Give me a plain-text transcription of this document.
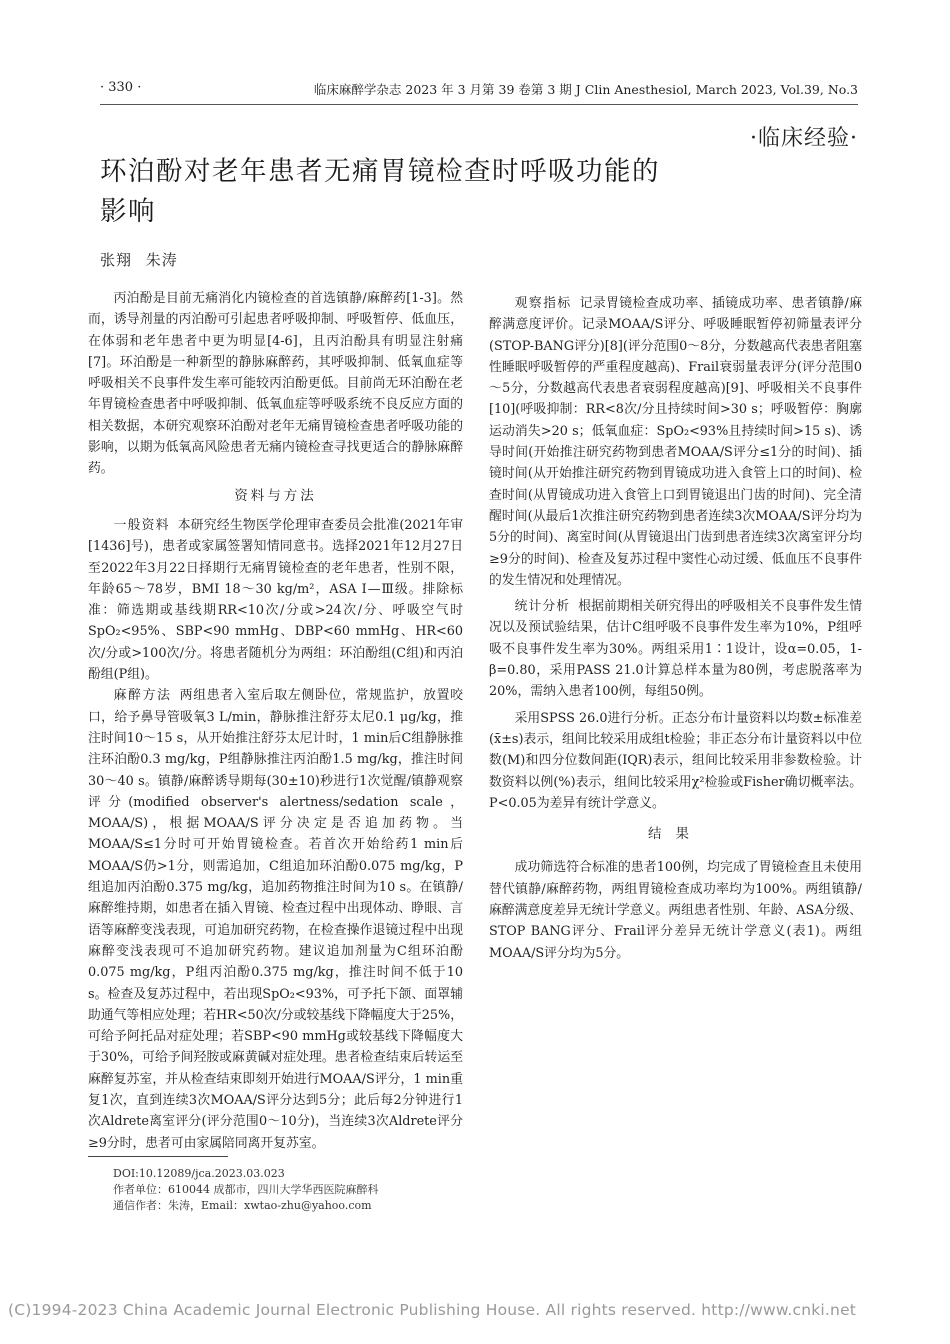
· 330 ·	临床麻醉学杂志 2023 年 3 月第 39 卷第 3 期 J Clin Anesthesiol, March 2023, Vol.39, No.3
·临床经验·
环泊酚对老年患者无痛胃镜检查时呼吸功能的
影响
张翔 朱涛

丙泊酚是目前无痛消化内镜检查的首选镇静/麻醉药[1-3]。然而，诱导剂量的丙泊酚可引起患者呼吸抑制、呼吸暂停、低血压，在体弱和老年患者中更为明显[4-6]，且丙泊酚具有明显注射痛[7]。环泊酚是一种新型的静脉麻醉药，其呼吸抑制、低氧血症等呼吸相关不良事件发生率可能较丙泊酚更低。目前尚无环泊酚在老年胃镜检查患者中呼吸抑制、低氧血症等呼吸系统不良反应方面的相关数据，本研究观察环泊酚对老年无痛胃镜检查患者呼吸功能的影响，以期为低氧高风险患者无痛内镜检查寻找更适合的静脉麻醉药。

资料与方法

一般资料 本研究经生物医学伦理审查委员会批准(2021年审[1436]号)，患者或家属签署知情同意书。选择2021年12月27日至2022年3月22日择期行无痛胃镜检查的老年患者，性别不限，年龄65～78岁，BMI 18～30 kg/m²，ASA Ⅰ—Ⅲ级。排除标准：筛选期或基线期RR<10次/分或>24次/分、呼吸空气时SpO₂<95%、SBP<90 mmHg、DBP<60 mmHg、HR<60次/分或>100次/分。将患者随机分为两组：环泊酚组(C组)和丙泊酚组(P组)。

麻醉方法 两组患者入室后取左侧卧位，常规监护，放置咬口，给予鼻导管吸氧3 L/min，静脉推注舒芬太尼0.1 μg/kg，推注时间10～15 s，从开始推注舒芬太尼计时，1 min后C组静脉推注环泊酚0.3 mg/kg，P组静脉推注丙泊酚1.5 mg/kg，推注时间30～40 s。镇静/麻醉诱导期每(30±10)秒进行1次觉醒/镇静观察评分(modified observer's alertness/sedation scale，MOAA/S)，根据MOAA/S评分决定是否追加药物。当MOAA/S≤1分时可开始胃镜检查。若首次开始给药1 min后MOAA/S仍>1分，则需追加，C组追加环泊酚0.075 mg/kg，P组追加丙泊酚0.375 mg/kg，追加药物推注时间为10 s。在镇静/麻醉维持期，如患者在插入胃镜、检查过程中出现体动、睁眼、言语等麻醉变浅表现，可追加研究药物，在检查操作退镜过程中出现麻醉变浅表现可不追加研究药物。建议追加剂量为C组环泊酚0.075 mg/kg，P组丙泊酚0.375 mg/kg，推注时间不低于10 s。检查及复苏过程中，若出现SpO₂<93%，可予托下颌、面罩辅助通气等相应处理；若HR<50次/分或较基线下降幅度大于25%，可给予阿托品对症处理；若SBP<90 mmHg或较基线下降幅度大于30%，可给予间羟胺或麻黄碱对症处理。患者检查结束后转运至麻醉复苏室，并从检查结束即刻开始进行MOAA/S评分，1 min重复1次，直到连续3次MOAA/S评分达到5分；此后每2分钟进行1次Aldrete离室评分(评分范围0～10分)，当连续3次Aldrete评分≥9分时，患者可由家属陪同离开复苏室。

观察指标 记录胃镜检查成功率、插镜成功率、患者镇静/麻醉满意度评价。记录MOAA/S评分、呼吸睡眠暂停初筛量表评分(STOP-BANG评分)[8](评分范围0～8分，分数越高代表患者阻塞性睡眠呼吸暂停的严重程度越高)、Frail衰弱量表评分(评分范围0～5分，分数越高代表患者衰弱程度越高)[9]、呼吸相关不良事件[10](呼吸抑制：RR<8次/分且持续时间>30 s；呼吸暂停：胸廓运动消失>20 s；低氧血症：SpO₂<93%且持续时间>15 s)、诱导时间(开始推注研究药物到患者MOAA/S评分≤1分的时间)、插镜时间(从开始推注研究药物到胃镜成功进入食管上口的时间)、检查时间(从胃镜成功进入食管上口到胃镜退出门齿的时间)、完全清醒时间(从最后1次推注研究药物到患者连续3次MOAA/S评分均为5分的时间)、离室时间(从胃镜退出门齿到患者连续3次离室评分均≥9分的时间)、检查及复苏过程中窦性心动过缓、低血压不良事件的发生情况和处理情况。

统计分析 根据前期相关研究得出的呼吸相关不良事件发生情况以及预试验结果，估计C组呼吸不良事件发生率为10%，P组呼吸不良事件发生率为30%。两组采用1∶1设计，设α=0.05，1-β=0.80，采用PASS 21.0计算总样本量为80例，考虑脱落率为20%，需纳入患者100例，每组50例。

采用SPSS 26.0进行分析。正态分布计量资料以均数±标准差(x̄±s)表示，组间比较采用成组t检验；非正态分布计量资料以中位数(M)和四分位数间距(IQR)表示，组间比较采用非参数检验。计数资料以例(%)表示，组间比较采用χ²检验或Fisher确切概率法。P<0.05为差异有统计学意义。

结果

成功筛选符合标准的患者100例，均完成了胃镜检查且未使用替代镇静/麻醉药物，两组胃镜检查成功率均为100%。两组镇静/麻醉满意度差异无统计学意义。两组患者性别、年龄、ASA分级、STOP BANG评分、Frail评分差异无统计学意义(表1)。两组MOAA/S评分均为5分。

DOI:10.12089/jca.2023.03.023
作者单位：610044 成都市，四川大学华西医院麻醉科
通信作者：朱涛，Email：xwtao-zhu@yahoo.com
(C)1994-2023 China Academic Journal Electronic Publishing House. All rights reserved. http://www.cnki.net
